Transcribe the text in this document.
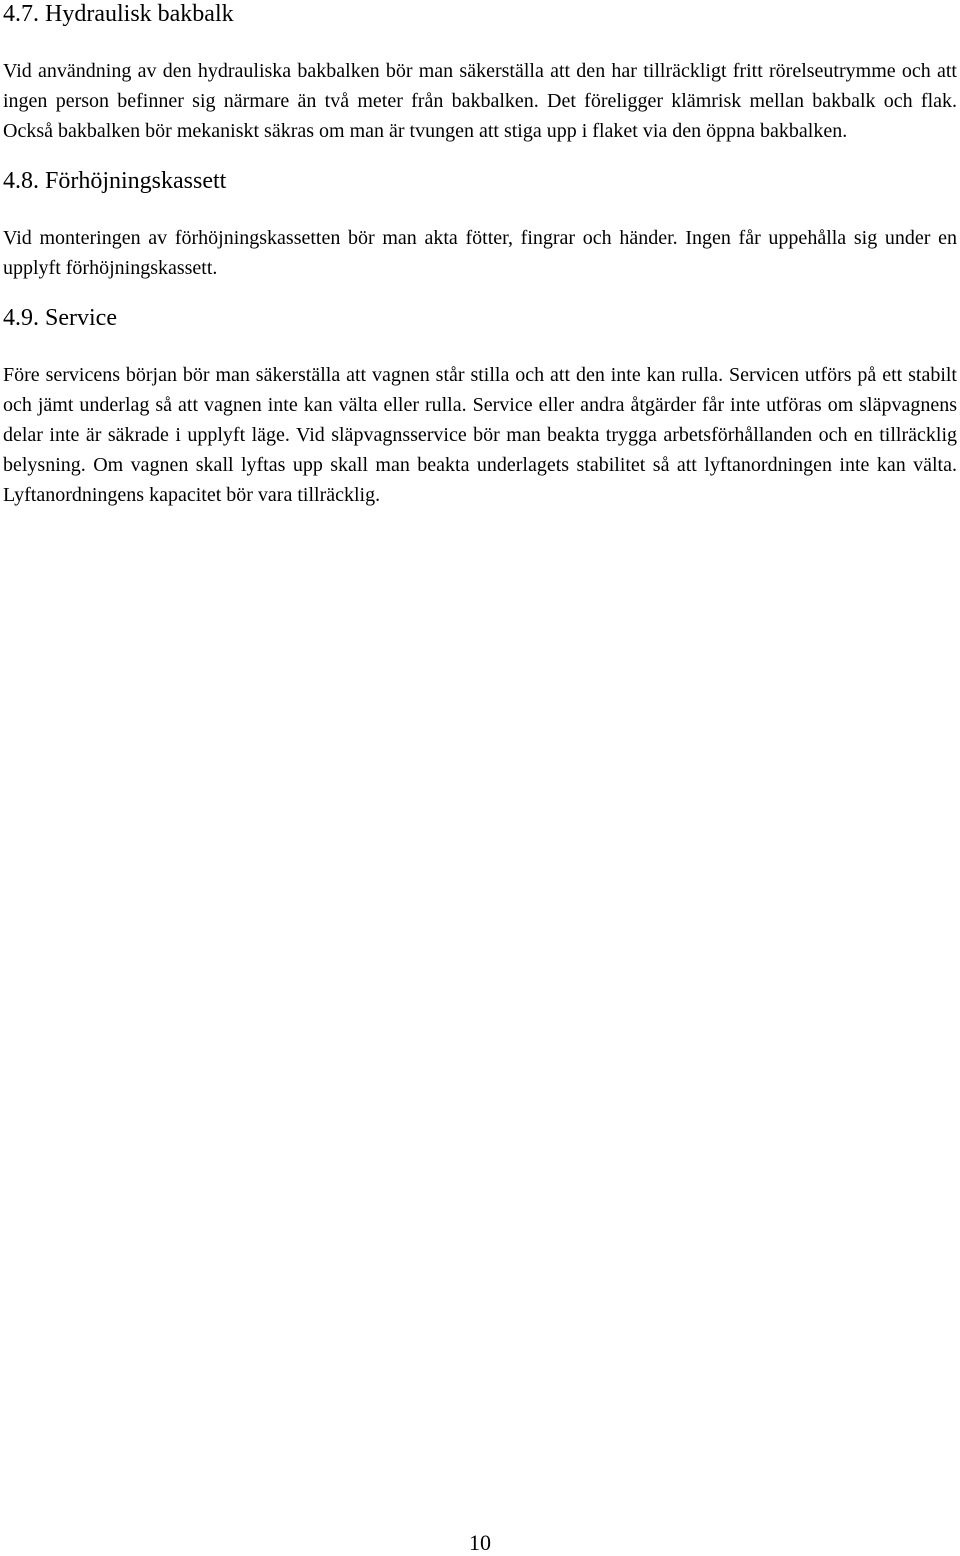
4.7. Hydraulisk bakbalk

Vid användning av den hydrauliska bakbalken bör man säkerställa att den har tillräckligt fritt rörelseutrymme och att ingen person befinner sig närmare än två meter från bakbalken. Det föreligger klämrisk mellan bakbalk och flak. Också bakbalken bör mekaniskt säkras om man är tvungen att stiga upp i flaket via den öppna bakbalken.

4.8. Förhöjningskassett

Vid monteringen av förhöjningskassetten bör man akta fötter, fingrar och händer. Ingen får uppehålla sig under en upplyft förhöjningskassett.

4.9. Service

Före servicens början bör man säkerställa att vagnen står stilla och att den inte kan rulla. Servicen utförs på ett stabilt och jämt underlag så att vagnen inte kan välta eller rulla. Service eller andra åtgärder får inte utföras om släpvagnens delar inte är säkrade i upplyft läge. Vid släpvagnsservice bör man beakta trygga arbetsförhållanden och en tillräcklig belysning. Om vagnen skall lyftas upp skall man beakta underlagets stabilitet så att lyftanordningen inte kan välta. Lyftanordningens kapacitet bör vara tillräcklig.

10
